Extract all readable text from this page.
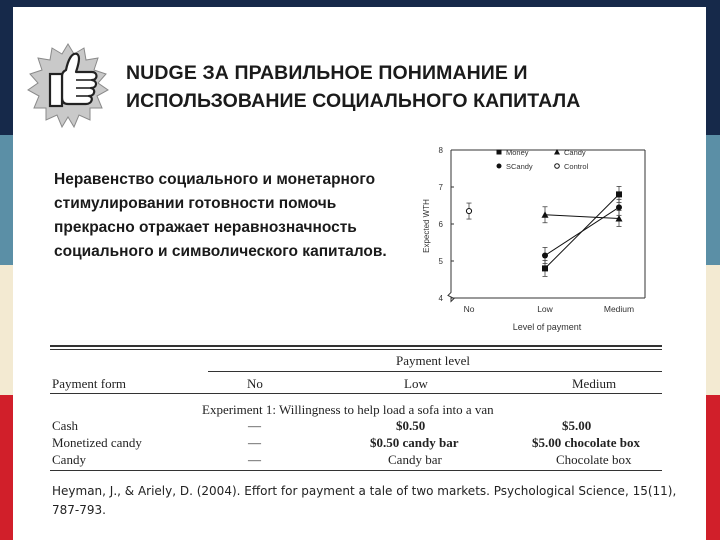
NUDGE ЗА ПРАВИЛЬНОЕ ПОНИМАНИЕ И ИСПОЛЬЗОВАНИЕ СОЦИАЛЬНОГО КАПИТАЛА
Неравенство социального и монетарного стимулировании готовности помочь прекрасно отражает неравнозначность социального и символического капиталов.
4
5
6
7
8
No	Low	Medium
Money	Candy
SCandy	Control
Expected WTH
Level of payment
Payment level
Payment form	No	Low	Medium
Experiment 1: Willingness to help load a sofa into a van
Cash	—	$0.50	$5.00
Monetized candy	—	$0.50 candy bar	$5.00 chocolate box
Candy	—	Candy bar	Chocolate box
Heyman, J., & Ariely, D. (2004). Effort for payment a tale of two markets. Psychological Science, 15(11), 787-793.
